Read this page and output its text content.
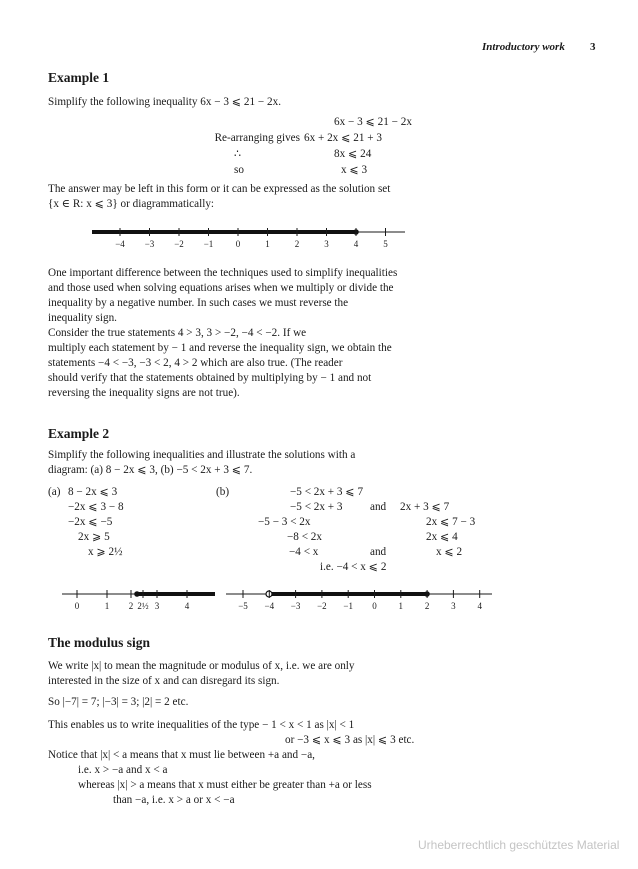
Introductory work 3
Example 1
Simplify the following inequality 6x − 3 ⩽ 21 − 2x.
6x − 3 ⩽ 21 − 2x
Re-arranging gives 6x + 2x ⩽ 21 + 3
∴	8x ⩽ 24
so	x ⩽ 3
The answer may be left in this form or it can be expressed as the solution set
{x ∈ R: x ⩽ 3} or diagrammatically:
−4 −3 −2 −1 0	1	2	3	4	5
One important difference between the techniques used to simplify inequalities
and those used when solving equations arises when we multiply or divide the
inequality by a negative number. In such cases we must reverse the
inequality sign.
Consider the true statements 4 > 3, 3 > −2, −4 < −2. If we
multiply each statement by − 1 and reverse the inequality sign, we obtain the
statements −4 < −3, −3 < 2, 4 > 2 which are also true. (The reader
should verify that the statements obtained by multiplying by − 1 and not
reversing the inequality signs are not true).
Example 2
Simplify the following inequalities and illustrate the solutions with a
diagram: (a) 8 − 2x ⩽ 3, (b) −5 < 2x + 3 ⩽ 7.
(a) 8 − 2x ⩽ 3
−2x ⩽ 3 − 8
−2x ⩽ −5
2x ⩾ 5
x ⩾ 2½
(b)	−5 < 2x + 3 ⩽ 7
−5 < 2x + 3 and 2x + 3 ⩽ 7
−5 − 3 < 2x	2x ⩽ 7 − 3
−8 < 2x	2x ⩽ 4
−4 < x	and	x ⩽ 2
i.e. −4 < x ⩽ 2
0	1 2 2½ 3	4	−5 −4 −3 −2 −1 0 1 2 3 4
The modulus sign
We write |x| to mean the magnitude or modulus of x, i.e. we are only
interested in the size of x and can disregard its sign.
So |−7| = 7; |−3| = 3; |2| = 2 etc.
This enables us to write inequalities of the type − 1 < x < 1 as |x| < 1
or −3 ⩽ x ⩽ 3 as |x| ⩽ 3 etc.
Notice that |x| < a means that x must lie between +a and −a,
i.e. x > −a and x < a
whereas |x| > a means that x must either be greater than +a or less
than −a, i.e. x > a or x < −a
Urheberrechtlich geschütztes Material
